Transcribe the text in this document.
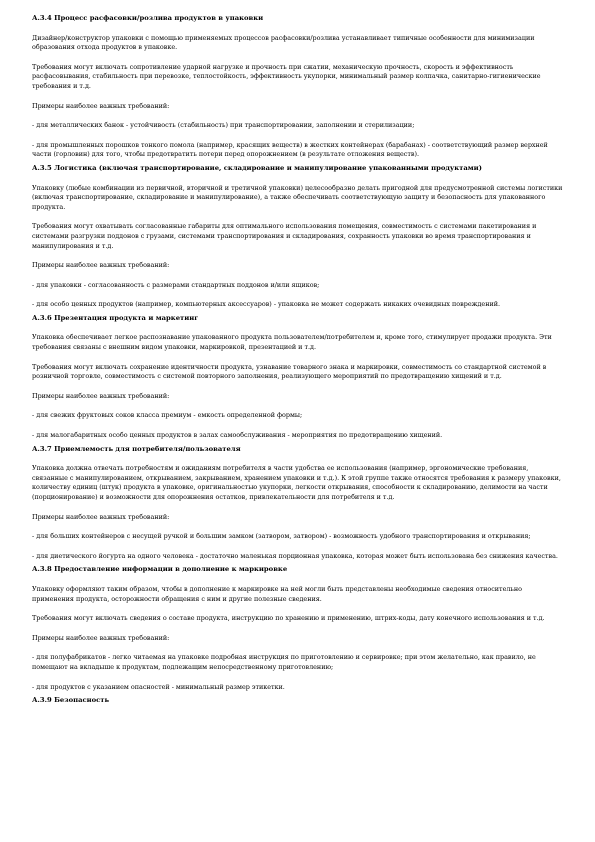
А.3.4 Процесс расфасовки/розлива продуктов в упаковки
Дизайнер/конструктор упаковки с помощью применяемых процессов расфасовки/розлива устанавливает типичные особенности для минимизации образования отхода продуктов в упаковке.
Требования могут включать сопротивление ударной нагрузке и прочность при сжатии, механическую прочность, скорость и эффективность расфасовывания, стабильность при перевозке, теплостойкость, эффективность укупорки, минимальный размер колпачка, санитарно-гигиенические требования и т.д.
Примеры наиболее важных требований:
- для металлических банок - устойчивость (стабильность) при транспортировании, заполнении и стерилизации;
- для промышленных порошков тонкого помола (например, красящих веществ) в жестких контейнерах (барабанах) - соответствующий размер верхней части (горловин) для того, чтобы предотвратить потери перед опорожнением (в результате отложения веществ).
А.3.5 Логистика (включая транспортирование, складирование и манипулирование упакованными продуктами)
Упаковку (любые комбинации из первичной, вторичной и третичной упаковки) целесообразно делать пригодной для предусмотренной системы логистики (включая транспортирование, складирование и манипулирование), а также обеспечивать соответствующую защиту и безопасность для упакованного продукта.
Требования могут охватывать согласованные габариты для оптимального использования помещения, совместимость с системами пакетирования и системами разгрузки поддонов с грузами, системами транспортирования и складирования, сохранность упаковки во время транспортирования и манипулирования и т.д.
Примеры наиболее важных требований:
- для упаковки - согласованность с размерами стандартных поддонов и/или ящиков;
- для особо ценных продуктов (например, компьютерных аксессуаров) - упаковка не может содержать никаких очевидных повреждений.
А.3.6 Презентация продукта и маркетинг
Упаковка обеспечивает легкое распознавание упакованного продукта пользователем/потребителем и, кроме того, стимулирует продажи продукта. Эти требования связаны с внешним видом упаковки, маркировкой, презентацией и т.д.
Требования могут включать сохранение идентичности продукта, узнавание товарного знака и маркировки, совместимость со стандартной системой в розничной торговле, совместимость с системой повторного заполнения, реализующего мероприятий по предотвращению хищений и т.д.
Примеры наиболее важных требований:
- для свежих фруктовых соков класса премиум - емкость определенной формы;
- для малогабаритных особо ценных продуктов в залах самообслуживания - мероприятия по предотвращению хищений.
А.3.7 Приемлемость для потребителя/пользователя
Упаковка должна отвечать потребностям и ожиданиям потребителя в части удобства ее использования (например, эргономические требования, связанные с манипулированием, открыванием, закрыванием, хранением упаковки и т.д.). К этой группе также относятся требования к размеру упаковки, количеству единиц (штук) продукта в упаковке, оригинальностью укупорки, легкости открывания, способности к складированию, делимости на части (порционирование) и возможности для опорожнения остатков, привлекательности для потребителя и т.д.
Примеры наиболее важных требований:
- для больших контейнеров с несущей ручкой и большим замком (затвором, затвором) - возможность удобного транспортирования и открывания;
- для диетического йогурта на одного человека - достаточно маленькая порционная упаковка, которая может быть использована без снижения качества.
А.3.8 Предоставление информации в дополнение к маркировке
Упаковку оформляют таким образом, чтобы в дополнение к маркировке на ней могли быть представлены необходимые сведения относительно применения продукта, осторожности обращения с ним и другие полезные сведения.
Требования могут включать сведения о составе продукта, инструкцию по хранению и применению, штрих-коды, дату конечного использования и т.д.
Примеры наиболее важных требований:
- для полуфабрикатов - легко читаемая на упаковке подробная инструкция по приготовлению и сервировке; при этом желательно, как правило, не помещают на вкладыше к продуктам, подлежащим непосредственному приготовлению;
- для продуктов с указанием опасностей - минимальный размер этикетки.
А.3.9 Безопасность
